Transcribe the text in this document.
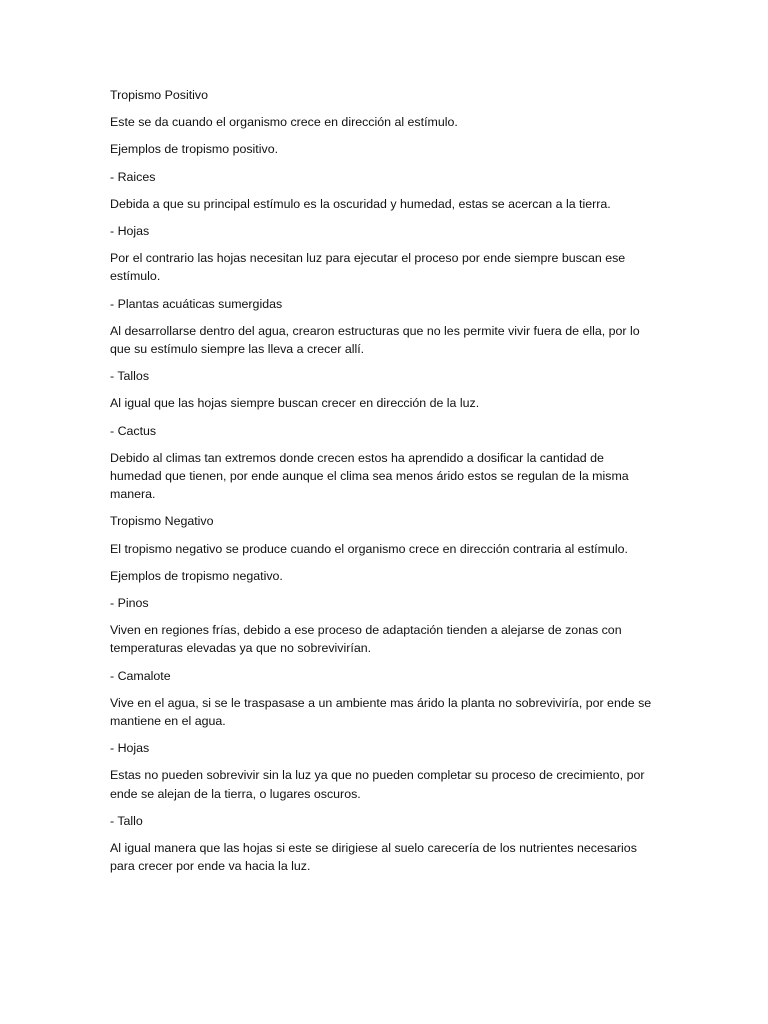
Tropismo Positivo

Este se da cuando el organismo crece en dirección al estímulo.

Ejemplos de tropismo positivo.

- Raices

Debida a que su principal estímulo es la oscuridad y humedad, estas se acercan a la tierra.

- Hojas

Por el contrario las hojas necesitan luz para ejecutar el proceso por ende siempre buscan ese estímulo.

- Plantas acuáticas sumergidas

Al desarrollarse dentro del agua, crearon estructuras que no les permite vivir fuera de ella, por lo que su estímulo siempre las lleva a crecer allí.

- Tallos

Al igual que las hojas siempre buscan crecer en dirección de la luz.

- Cactus

Debido al climas tan extremos donde crecen estos ha aprendido a dosificar la cantidad de humedad que tienen, por ende aunque el clima sea menos árido estos se regulan de la misma manera.

Tropismo Negativo

El tropismo negativo se produce cuando el organismo crece en dirección contraria al estímulo.

Ejemplos de tropismo negativo.

- Pinos

Viven en regiones frías, debido a ese proceso de adaptación tienden a alejarse de zonas con temperaturas elevadas ya que no sobrevivirían.

- Camalote

Vive en el agua, si se le traspasase a un ambiente mas árido la planta no sobreviviría, por ende se mantiene en el agua.

- Hojas

Estas no pueden sobrevivir sin la luz ya que no pueden completar su proceso de crecimiento, por ende se alejan de la tierra, o lugares oscuros.

- Tallo

Al igual manera que las hojas si este se dirigiese al suelo carecería de los nutrientes necesarios para crecer por ende va hacia la luz.
